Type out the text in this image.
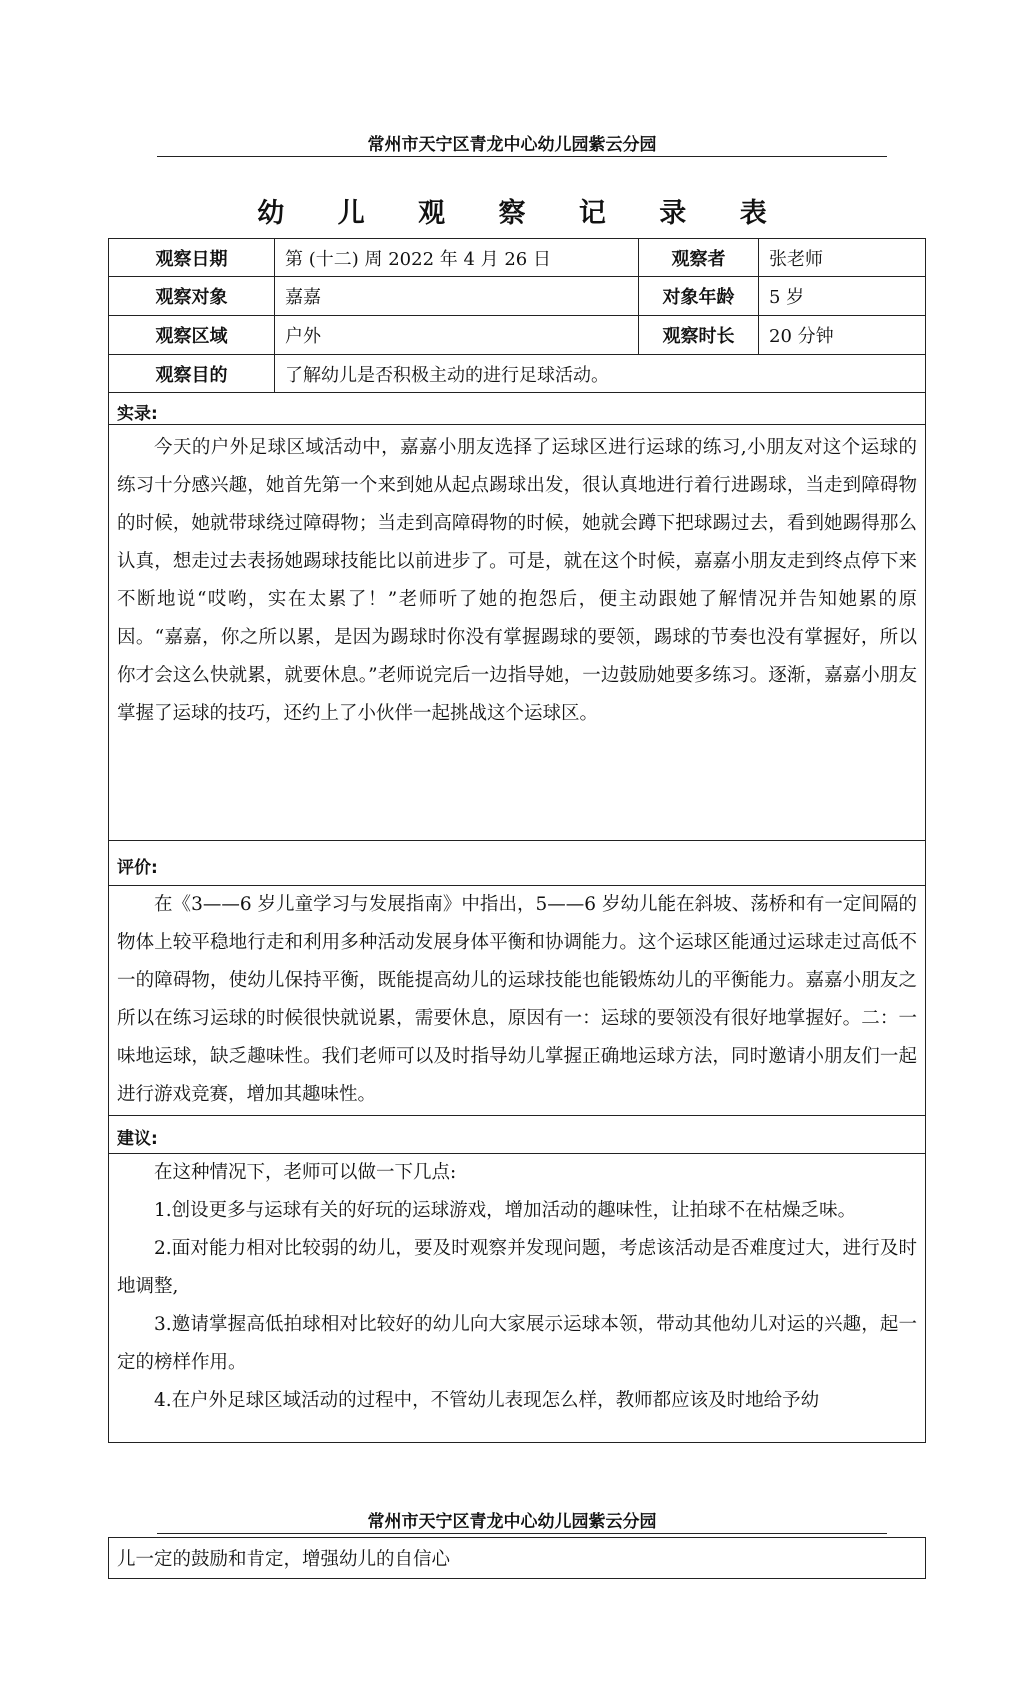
常州市天宁区青龙中心幼儿园紫云分园
幼 儿 观 察 记 录 表
观察日期	第 (十二) 周 2022 年 4 月 26 日	观察者	张老师
观察对象	嘉嘉	对象年龄	5 岁
观察区域	户外	观察时长	20 分钟
观察目的	了解幼儿是否积极主动的进行足球活动。
实录:

今天的户外足球区域活动中，嘉嘉小朋友选择了运球区进行运球的练习,小朋友对这个运球的练习十分感兴趣，她首先第一个来到她从起点踢球出发，很认真地进行着行进踢球，当走到障碍物的时候，她就带球绕过障碍物；当走到高障碍物的时候，她就会蹲下把球踢过去，看到她踢得那么认真，想走过去表扬她踢球技能比以前进步了。可是，就在这个时候，嘉嘉小朋友走到终点停下来不断地说“哎哟，实在太累了！”老师听了她的抱怨后，便主动跟她了解情况并告知她累的原因。“嘉嘉，你之所以累，是因为踢球时你没有掌握踢球的要领，踢球的节奏也没有掌握好，所以你才会这么快就累，就要休息。”老师说完后一边指导她，一边鼓励她要多练习。逐渐，嘉嘉小朋友掌握了运球的技巧，还约上了小伙伴一起挑战这个运球区。

评价:

在《3——6 岁儿童学习与发展指南》中指出，5——6 岁幼儿能在斜坡、荡桥和有一定间隔的物体上较平稳地行走和利用多种活动发展身体平衡和协调能力。这个运球区能通过运球走过高低不一的障碍物，使幼儿保持平衡，既能提高幼儿的运球技能也能锻炼幼儿的平衡能力。嘉嘉小朋友之所以在练习运球的时候很快就说累，需要休息，原因有一：运球的要领没有很好地掌握好。二：一味地运球，缺乏趣味性。我们老师可以及时指导幼儿掌握正确地运球方法，同时邀请小朋友们一起进行游戏竞赛，增加其趣味性。

建议:

在这种情况下，老师可以做一下几点:

1.创设更多与运球有关的好玩的运球游戏，增加活动的趣味性，让拍球不在枯燥乏味。

2.面对能力相对比较弱的幼儿，要及时观察并发现问题，考虑该活动是否难度过大，进行及时地调整,

3.邀请掌握高低拍球相对比较好的幼儿向大家展示运球本领，带动其他幼儿对运的兴趣，起一定的榜样作用。

4.在户外足球区域活动的过程中，不管幼儿表现怎么样，教师都应该及时地给予幼

常州市天宁区青龙中心幼儿园紫云分园
儿一定的鼓励和肯定，增强幼儿的自信心
